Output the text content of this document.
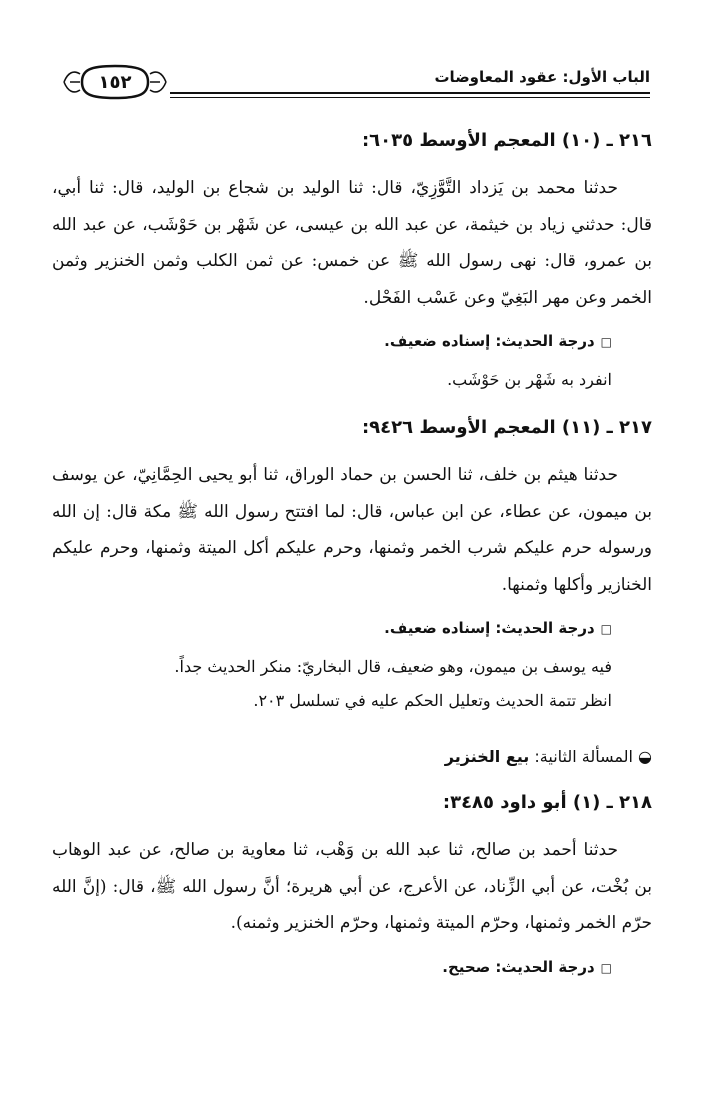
١٥٢	الباب الأول: عقود المعاوضات
٢١٦ ـ (١٠) المعجم الأوسط ٦٠٣٥:

حدثنا محمد بن يَزداد التَّوَّزِيّ، قال: ثنا الوليد بن شجاع بن الوليد، قال: ثنا أبي، قال: حدثني زياد بن خيثمة، عن عبد الله بن عيسى، عن شَهْر بن حَوْشَب، عن عبد الله بن عمرو، قال: نهى رسول الله ﷺ عن خمس: عن ثمن الكلب وثمن الخنزير وثمن الخمر وعن مهر البَغِيّ وعن عَسْب الفَحْل.

□درجة الحديث: إسناده ضعيف.

انفرد به شَهْر بن حَوْشَب.

٢١٧ ـ (١١) المعجم الأوسط ٩٤٢٦:

حدثنا هيثم بن خلف، ثنا الحسن بن حماد الوراق، ثنا أبو يحيى الحِمَّانِيّ، عن يوسف بن ميمون، عن عطاء، عن ابن عباس، قال: لما افتتح رسول الله ﷺ مكة قال: إن الله ورسوله حرم عليكم شرب الخمر وثمنها، وحرم عليكم أكل الميتة وثمنها، وحرم عليكم الخنازير وأكلها وثمنها.

□درجة الحديث: إسناده ضعيف.

فيه يوسف بن ميمون، وهو ضعيف، قال البخاريّ: منكر الحديث جداً.

انظر تتمة الحديث وتعليل الحكم عليه في تسلسل ٢٠٣.

◒ المسألة الثانية: بيع الخنزير
٢١٨ ـ (١) أبو داود ٣٤٨٥:

حدثنا أحمد بن صالح، ثنا عبد الله بن وَهْب، ثنا معاوية بن صالح، عن عبد الوهاب بن بُخْت، عن أبي الزِّناد، عن الأعرج، عن أبي هريرة؛ أنَّ رسول الله ﷺ، قال: (إنَّ الله حرّم الخمر وثمنها، وحرّم الميتة وثمنها، وحرّم الخنزير وثمنه).

□درجة الحديث: صحيح.
